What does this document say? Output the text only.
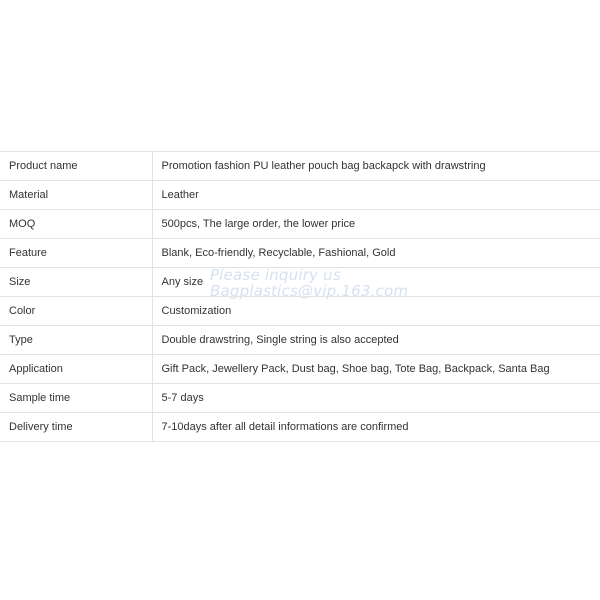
Product name	Promotion fashion PU leather pouch bag backapck with drawstring
Material	Leather
MOQ	500pcs, The large order, the lower price
Feature	Blank, Eco-friendly, Recyclable, Fashional, Gold
Size	Any size
Color	Customization
Type	Double drawstring, Single string is also accepted
Application	Gift Pack, Jewellery Pack, Dust bag, Shoe bag, Tote Bag, Backpack, Santa Bag
Sample time	5-7 days
Delivery time	7-10days after all detail informations are confirmed
Please inquiry us
Bagplastics@vip.163.com
